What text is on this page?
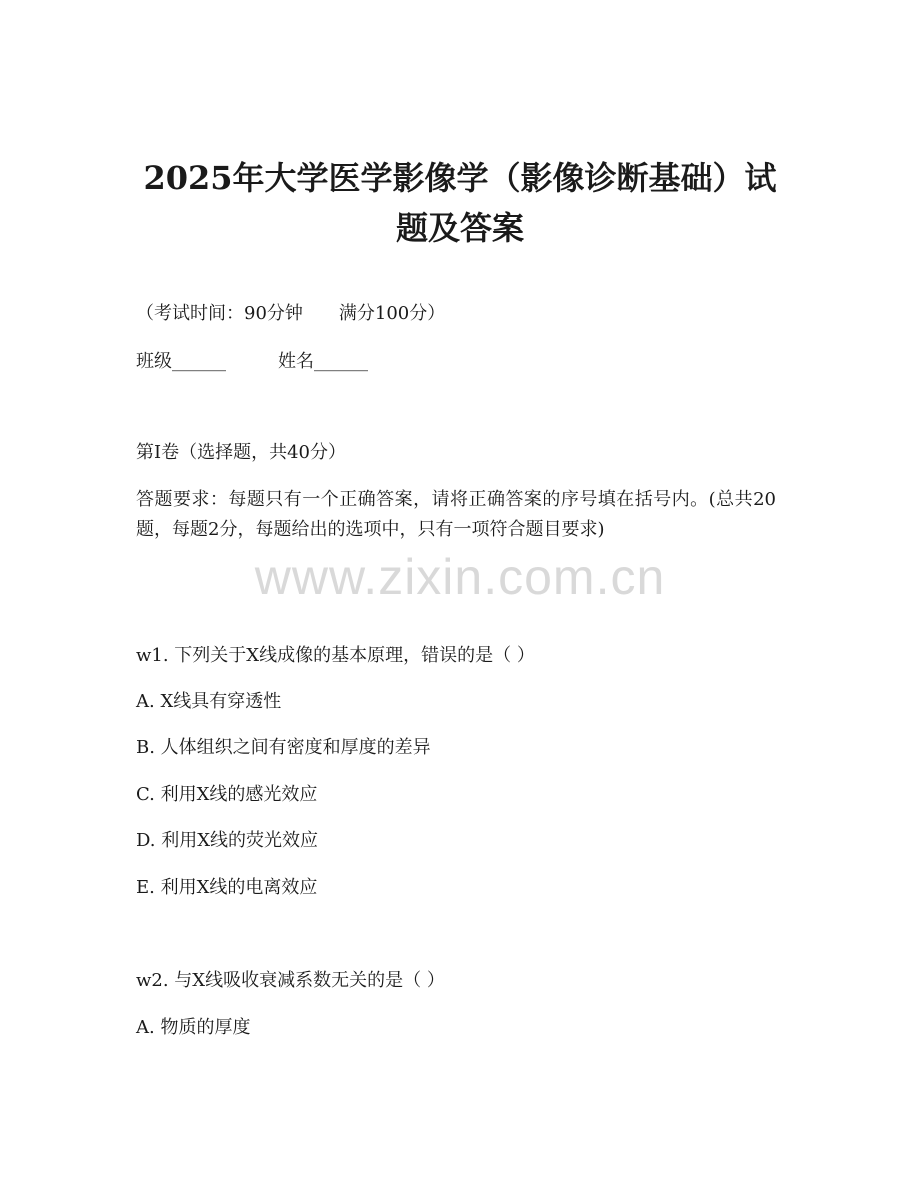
2025年大学医学影像学（影像诊断基础）试
题及答案
（考试时间：90分钟　　满分100分）
班级______	姓名______
第I卷（选择题，共40分）
答题要求：每题只有一个正确答案，请将正确答案的序号填在括号内。(总共20题，每题2分，每题给出的选项中，只有一项符合题目要求)
w1. 下列关于X线成像的基本原理，错误的是（ ）
A. X线具有穿透性
B. 人体组织之间有密度和厚度的差异
C. 利用X线的感光效应
D. 利用X线的荧光效应
E. 利用X线的电离效应
w2. 与X线吸收衰减系数无关的是（ ）
A. 物质的厚度
www.zixin.com.cn
